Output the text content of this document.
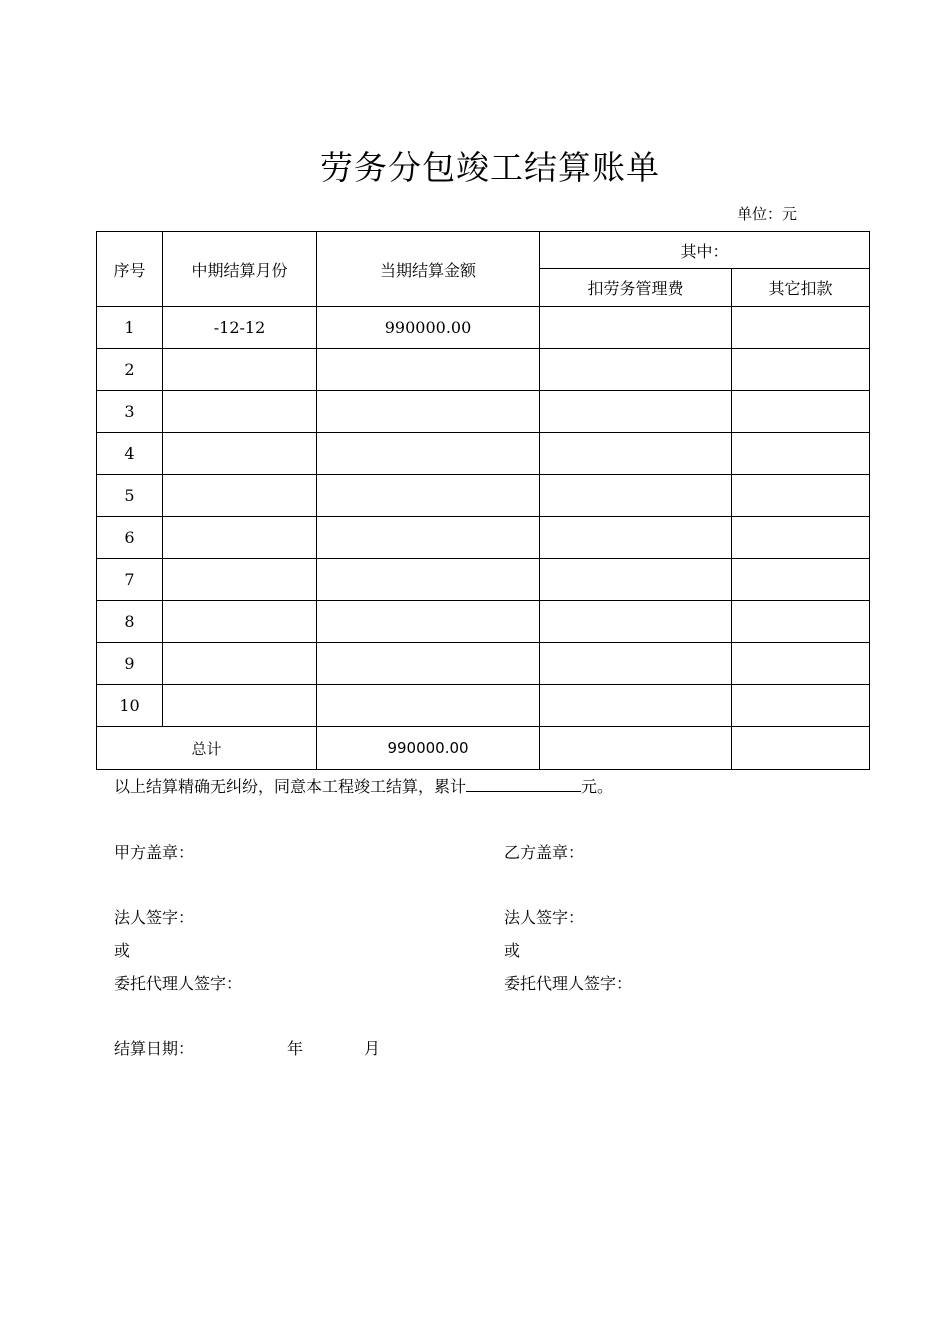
劳务分包竣工结算账单
单位：元
序号	中期结算月份	当期结算金额	其中：	
			扣劳务管理费	其它扣款
1	-12-12	990000.00		
2				
3				
4				
5				
6				
7				
8				
9				
10				
总计		990000.00		
以上结算精确无纠纷，同意本工程竣工结算，累计	元。
甲方盖章：	乙方盖章：
法人签字：	法人签字：
或	或
委托代理人签字：	委托代理人签字：
结算日期：	年	月
